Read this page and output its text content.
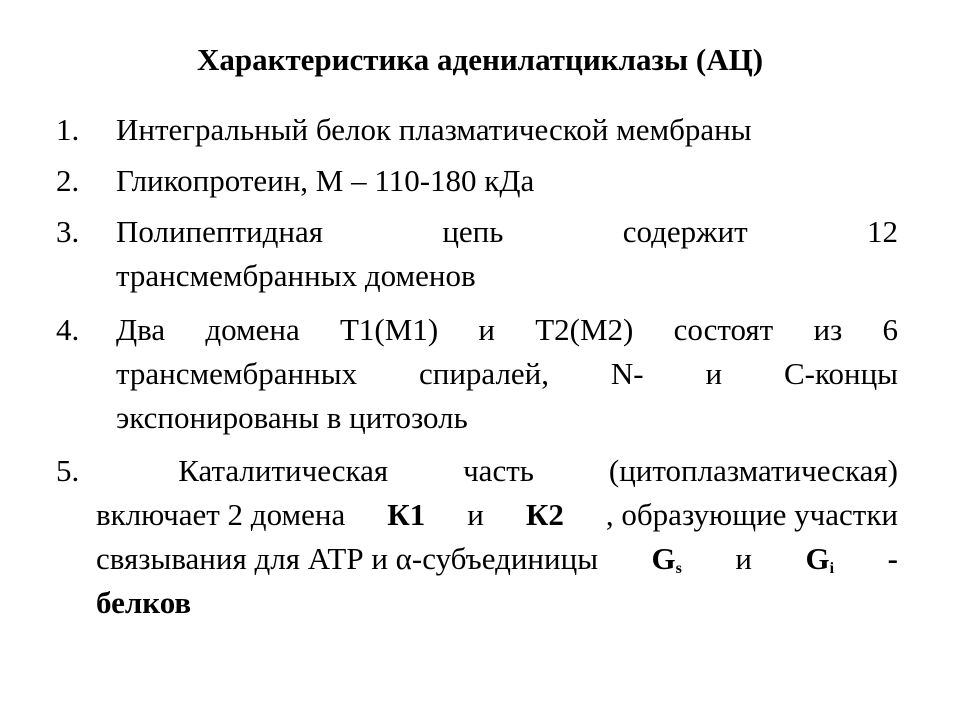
Характеристика аденилатциклазы (АЦ)
1. Интегральный белок плазматической мембраны
2. Гликопротеин, М – 110-180 кДа
3. Полипептидная	цепь	содержит	12
трансмембранных доменов
4. Два домена Т1(М1) и Т2(М2) состоят из 6
трансмембранных спиралей, N- и С-концы
экспонированы в цитозоль
5.	Каталитическая часть (цитоплазматическая)
включает 2 домена К1 и К2 , образующие участки
связывания для АТР и α-субъединицы $G_s$ и $G_i$ -
белков
